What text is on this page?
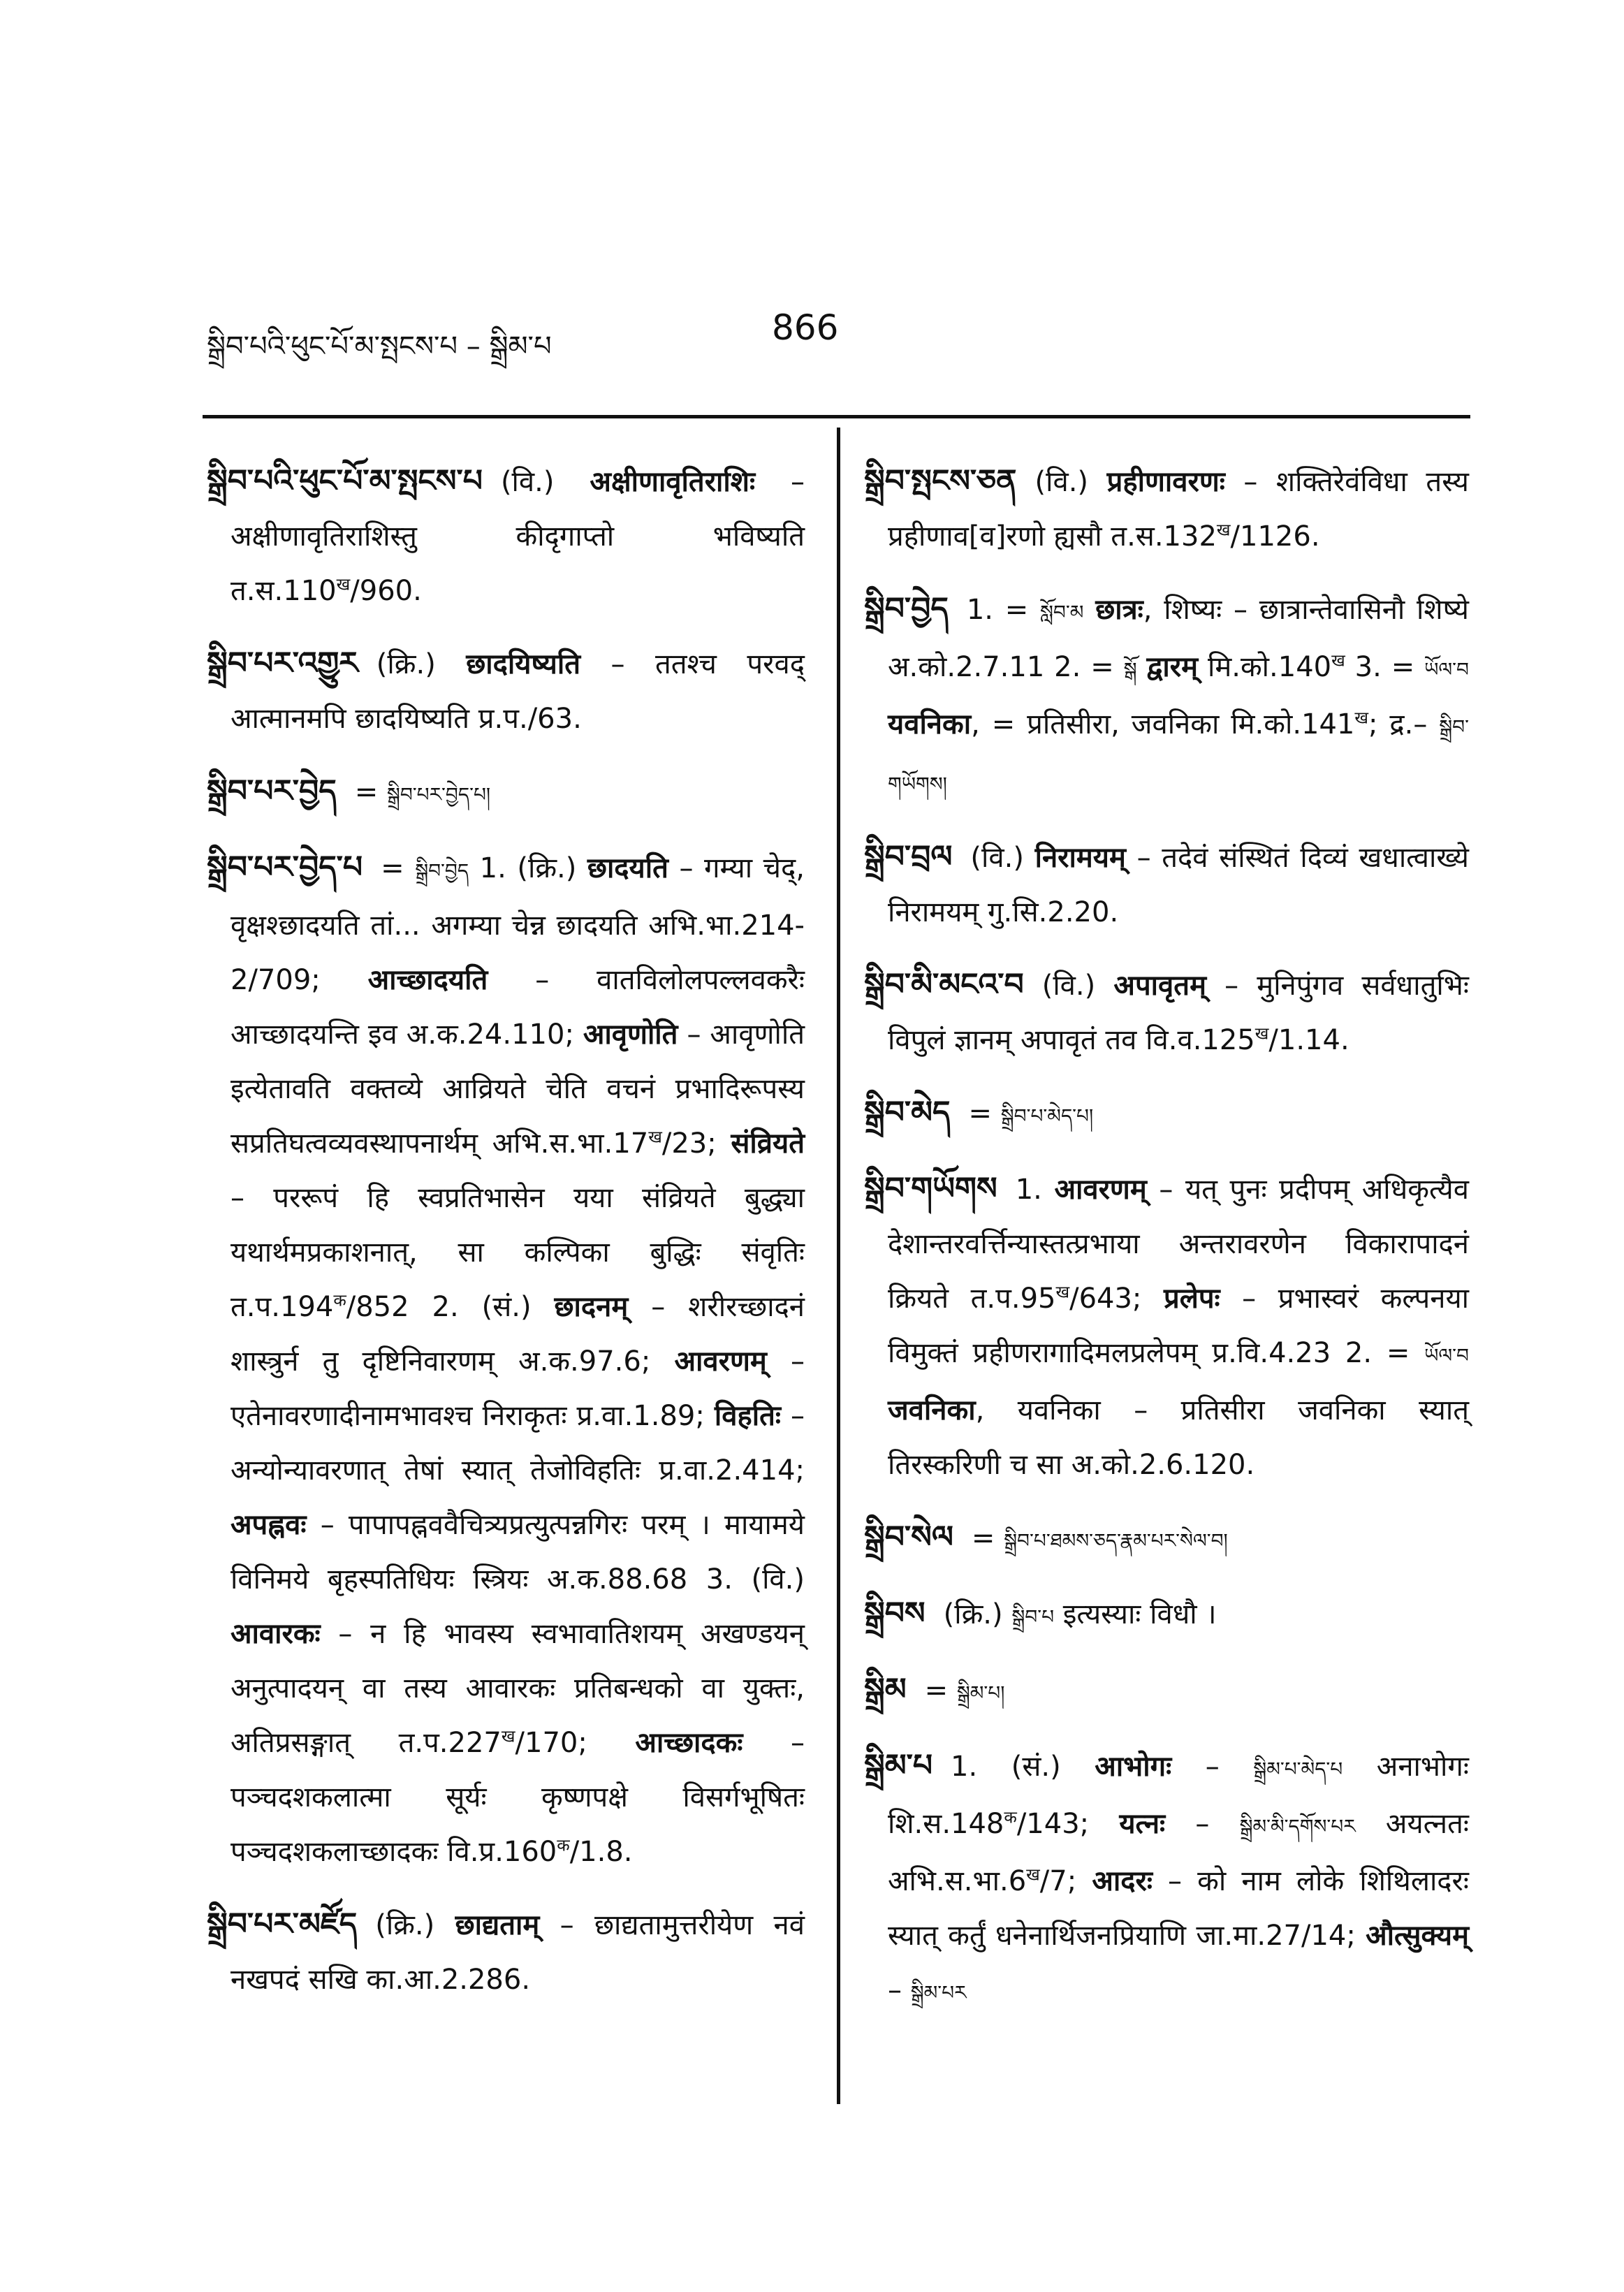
སྒྲིབ་པའི་ཕུང་པོ་མ་སྤངས་པ – སྒྲིམ་པ	866
སྒྲིབ་པའི་ཕུང་པོ་མ་སྤངས་པ (वि.) अक्षीणावृतिराशिः – अक्षीणावृतिराशिस्तु कीदृगाप्तो भविष्यति $त.स.110^ख/960$.
སྒྲིབ་པར་འགྱུར (क्रि.) छादयिष्यति – ततश्च परवद् आत्मानमपि छादयिष्यति प्र.प./63.
སྒྲིབ་པར་བྱེད = སྒྲིབ་པར་བྱེད་པ།
སྒྲིབ་པར་བྱེད་པ = སྒྲིབ་བྱེད 1. (क्रि.) छादयति – गम्या चेद्, वृक्षश्छादयति तां... अगम्या चेन्न छादयति अभि.भा.214-2/709; आच्छादयति – वातविलोलपल्लवकरैः आच्छादयन्ति इव अ.क.24.110; आवृणोति – आवृणोति इत्येतावति वक्तव्ये आव्रियते चेति वचनं प्रभादिरूपस्य सप्रतिघत्वव्यवस्थापनार्थम् $अभि.स.भा.17^ख/23$; संव्रियते – पररूपं हि स्वप्रतिभासेन यया संव्रियते बुद्ध्या यथार्थमप्रकाशनात्, सा कल्पिका बुद्धिः संवृतिः $त.प.194^क/852$ 2. (सं.) छादनम् – शरीरच्छादनं शास्त्रुर्न तु दृष्टिनिवारणम् अ.क.97.6; आवरणम् – एतेनावरणादीनामभावश्च निराकृतः प्र.वा.1.89; विहतिः – अन्योन्यावरणात् तेषां स्यात् तेजोविहतिः प्र.वा.2.414; अपह्नवः – पापापह्नववैचित्र्यप्रत्युत्पन्नगिरः परम् । मायामये विनिमये बृहस्पतिधियः स्त्रियः अ.क.88.68 3. (वि.) आवारकः – न हि भावस्य स्वभावातिशयम् अखण्डयन् अनुत्पादयन् वा तस्य आवारकः प्रतिबन्धको वा युक्तः, अतिप्रसङ्गात् $त.प.227^ख/170$; आच्छादकः – पञ्चदशकलात्मा सूर्यः कृष्णपक्षे विसर्गभूषितः पञ्चदशकलाच्छादकः $वि.प्र.160^क/1.8$.
སྒྲིབ་པར་མཛོད (क्रि.) छाद्यताम् – छाद्यतामुत्तरीयेण नवं नखपदं सखि का.आ.2.286.
སྒྲིབ་སྤངས་ཅན (वि.) प्रहीणावरणः – शक्तिरेवंविधा तस्य प्रहीणाव[व]रणो ह्यसौ $त.स.132^ख/1126$.
སྒྲིབ་བྱེད 1. = སློབ་མ छात्रः, शिष्यः – छात्रान्तेवासिनौ शिष्ये अ.को.2.7.11 2. = སྒོ द्वारम् $मि.को.140^ख$ 3. = ཡོལ་བ यवनिका, = प्रतिसीरा, जवनिका $मि.को.141^ख$; द्र.– སྒྲིབ་གཡོགས།
སྒྲིབ་བྲལ (वि.) निरामयम् – तदेवं संस्थितं दिव्यं खधात्वाख्ये निरामयम् गु.सि.2.20.
སྒྲིབ་མི་མངའ་བ (वि.) अपावृतम् – मुनिपुंगव सर्वधातुभिः विपुलं ज्ञानम् अपावृतं तव $वि.व.125^ख/1.14$.
སྒྲིབ་མེད = སྒྲིབ་པ་མེད་པ།
སྒྲིབ་གཡོགས 1. आवरणम् – यत् पुनः प्रदीपम् अधिकृत्यैव देशान्तरवर्त्तिन्यास्तत्प्रभाया अन्तरावरणेन विकारापादनं क्रियते $त.प.95^ख/643$; प्रलेपः – प्रभास्वरं कल्पनया विमुक्तं प्रहीणरागादिमलप्रलेपम् प्र.वि.4.23 2. = ཡོལ་བ जवनिका, यवनिका – प्रतिसीरा जवनिका स्यात् तिरस्करिणी च सा अ.को.2.6.120.
སྒྲིབ་སེལ = སྒྲིབ་པ་ཐམས་ཅད་རྣམ་པར་སེལ་བ།
སྒྲིབས (क्रि.) སྒྲིབ་པ इत्यस्याः विधौ ।
སྒྲིམ = སྒྲིམ་པ།
སྒྲིམ་པ 1. (सं.) आभोगः – སྒྲིམ་པ་མེད་པ अनाभोगः $शि.स.148^क/143$; यत्नः – སྒྲིམ་མི་དགོས་པར अयत्नतः $अभि.स.भा.6^ख/7$; आदरः – को नाम लोके शिथिलादरः स्यात् कर्तुं धनेनार्थिजनप्रियाणि जा.मा.27/14; औत्सुक्यम् – སྒྲིམ་པར
